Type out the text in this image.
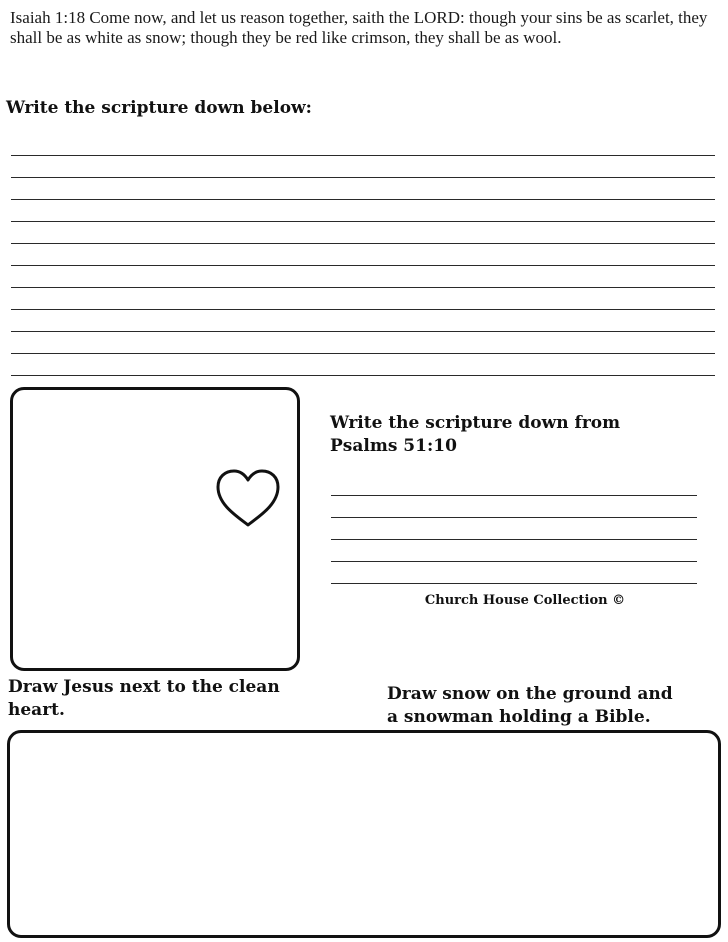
Isaiah 1:18 Come now, and let us reason together, saith the LORD: though your sins be as scarlet, they shall be as white as snow; though they be red like crimson, they shall be as wool.
Write the scripture down below:
Write the scripture down from
Psalms 51:10
Church House Collection ©
Draw Jesus next to the clean
heart.
Draw snow on the ground and
a snowman holding a Bible.
